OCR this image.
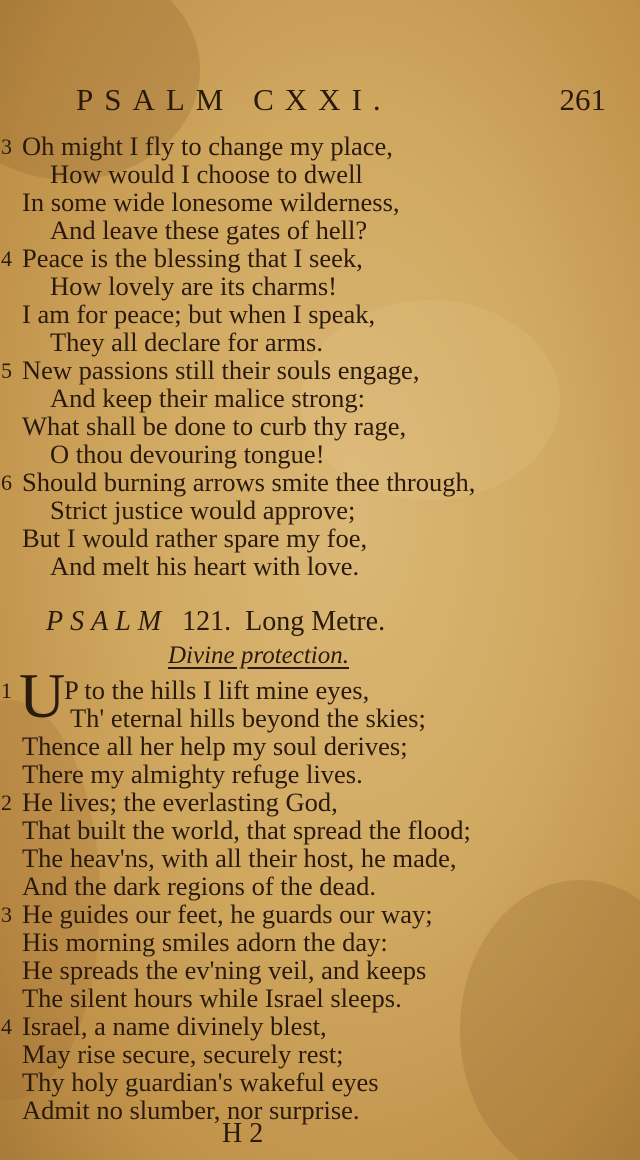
PSALM CXXI.	261
3 Oh might I fly to change my place,
How would I choose to dwell
In some wide lonesome wilderness,
And leave these gates of hell?
4 Peace is the blessing that I seek,
How lovely are its charms!
I am for peace; but when I speak,
They all declare for arms.
5 New passions still their souls engage,
And keep their malice strong:
What shall be done to curb thy rage,
O thou devouring tongue!
6 Should burning arrows smite thee through,
Strict justice would approve;
But I would rather spare my foe,
And melt his heart with love.
PSALM 121. Long Metre.
Divine protection.
1 U
P to the hills I lift mine eyes,
Th' eternal hills beyond the skies;
Thence all her help my soul derives;
There my almighty refuge lives.
2 He lives; the everlasting God,
That built the world, that spread the flood;
The heav'ns, with all their host, he made,
And the dark regions of the dead.
3 He guides our feet, he guards our way;
His morning smiles adorn the day:
He spreads the ev'ning veil, and keeps
The silent hours while Israel sleeps.
4 Israel, a name divinely blest,
May rise secure, securely rest;
Thy holy guardian's wakeful eyes
Admit no slumber, nor surprise.
H 2
